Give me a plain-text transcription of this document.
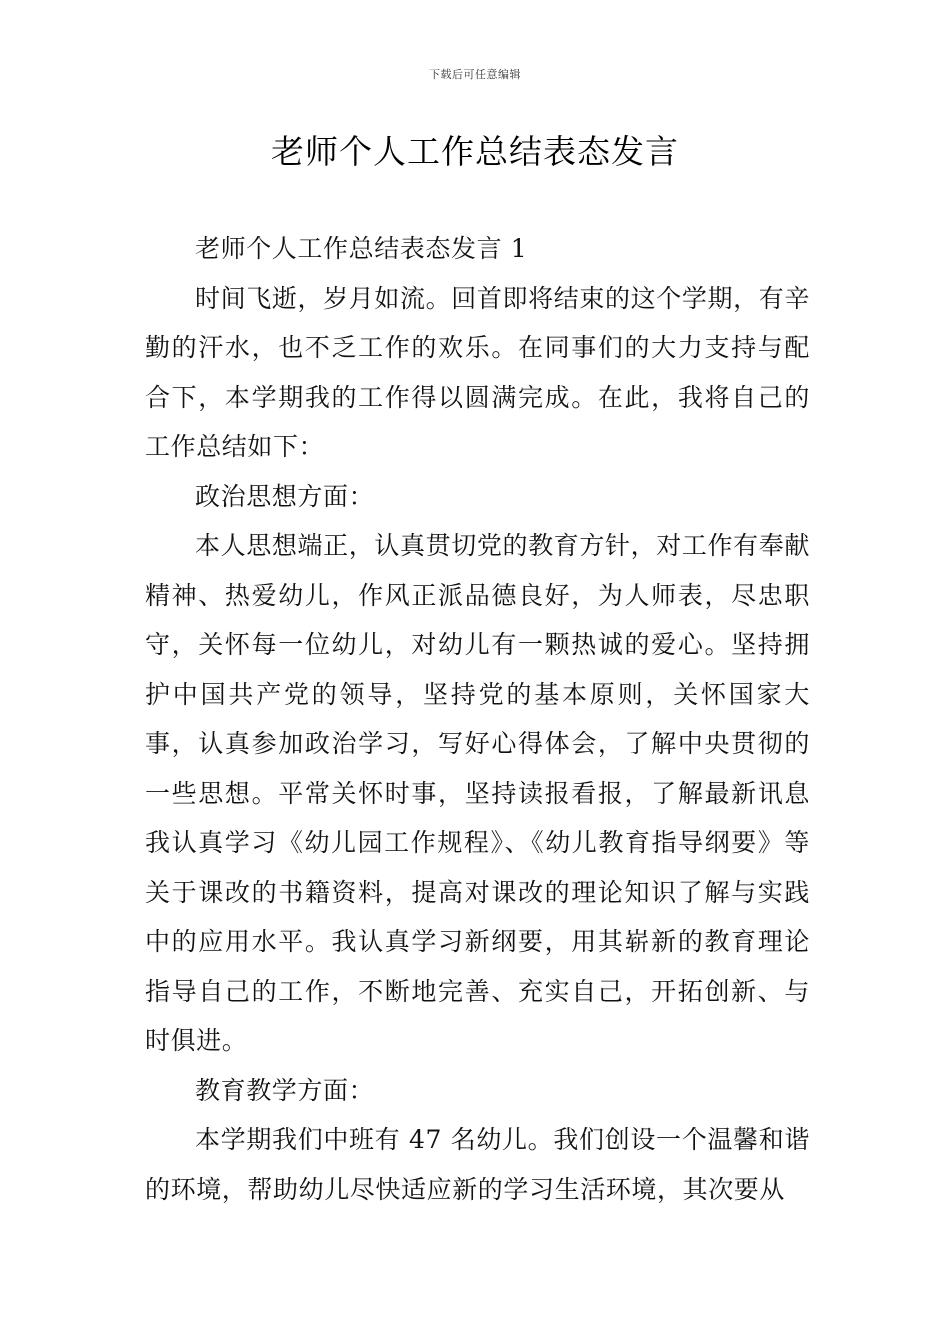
下载后可任意编辑
老师个人工作总结表态发言

老师个人工作总结表态发言 1

时间飞逝，岁月如流。回首即将结束的这个学期，有辛勤的汗水，也不乏工作的欢乐。在同事们的大力支持与配合下，本学期我的工作得以圆满完成。在此，我将自己的工作总结如下：

政治思想方面：

本人思想端正，认真贯切党的教育方针，对工作有奉献精神、热爱幼儿，作风正派品德良好，为人师表，尽忠职守，关怀每一位幼儿，对幼儿有一颗热诚的爱心。坚持拥护中国共产党的领导，坚持党的基本原则，关怀国家大事，认真参加政治学习，写好心得体会，了解中央贯彻的一些思想。平常关怀时事，坚持读报看报，了解最新讯息我认真学习《幼儿园工作规程》、《幼儿教育指导纲要》等关于课改的书籍资料，提高对课改的理论知识了解与实践中的应用水平。我认真学习新纲要，用其崭新的教育理论指导自己的工作，不断地完善、充实自己，开拓创新、与时俱进。

教育教学方面：

本学期我们中班有 47 名幼儿。我们创设一个温馨和谐的环境，帮助幼儿尽快适应新的学习生活环境，其次要从
